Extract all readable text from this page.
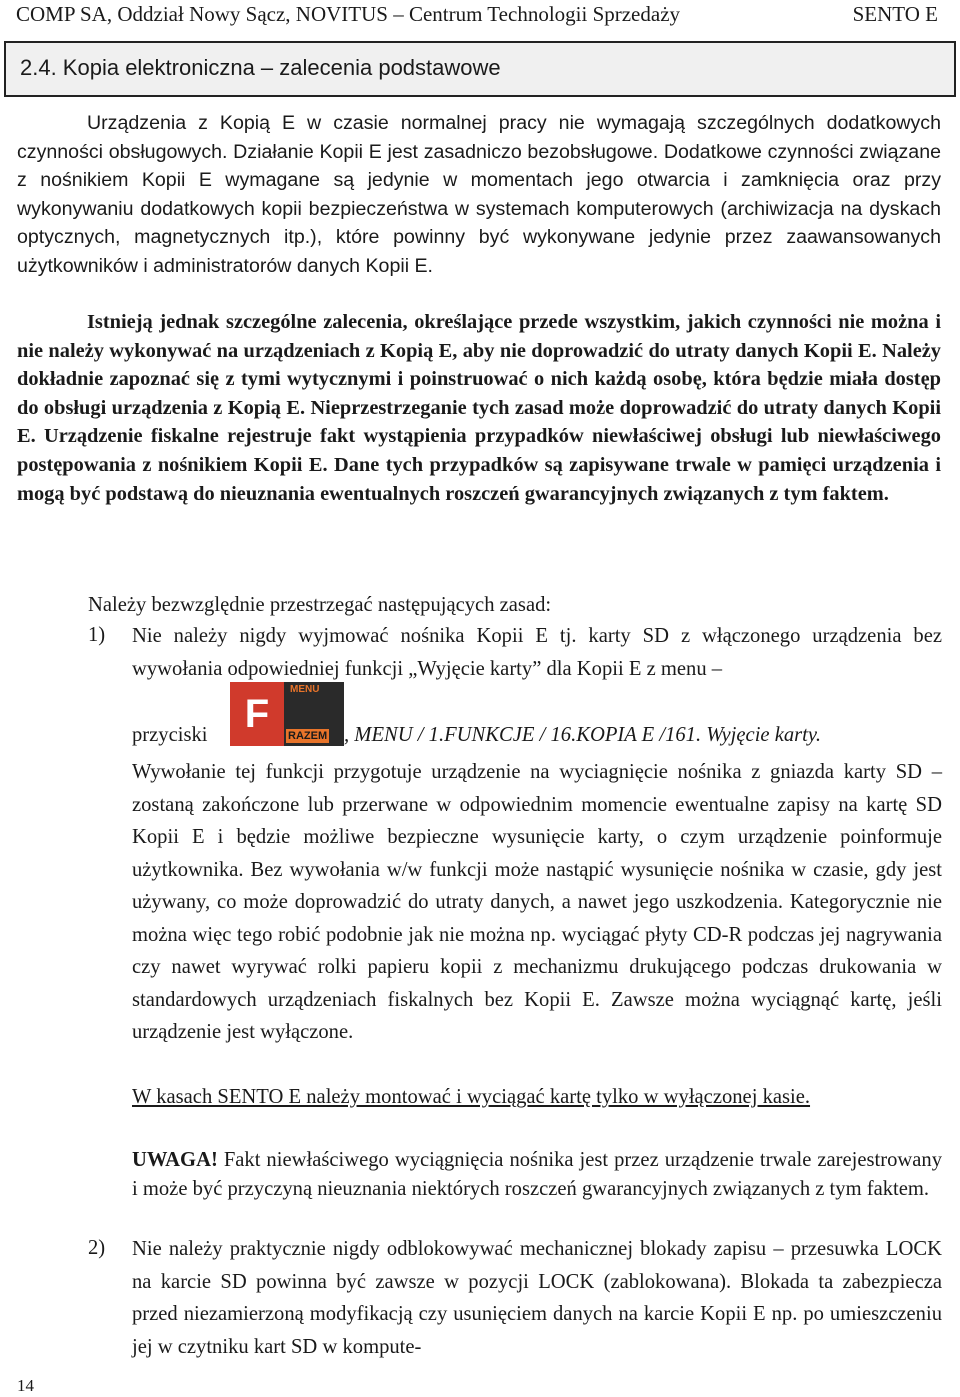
COMP SA, Oddział Nowy Sącz, NOVITUS – Centrum Technologii Sprzedaży	SENTO E
2.4. Kopia elektroniczna – zalecenia podstawowe

Urządzenia z Kopią E w czasie normalnej pracy nie wymagają szczególnych dodatkowych czynności obsługowych. Działanie Kopii E jest zasadniczo bezobsługowe. Dodatkowe czynności związane z nośnikiem Kopii E wymagane są jedynie w momentach jego otwarcia i zamknięcia oraz przy wykonywaniu dodatkowych kopii bezpieczeństwa w systemach komputerowych (archiwizacja na dyskach optycznych, magnetycznych itp.), które powinny być wykonywane jedynie przez zaawansowanych użytkowników i administratorów danych Kopii E.

Istnieją jednak szczególne zalecenia, określające przede wszystkim, jakich czynności nie można i nie należy wykonywać na urządzeniach z Kopią E, aby nie doprowadzić do utraty danych Kopii E. Należy dokładnie zapoznać się z tymi wytycznymi i poinstruować o nich każdą osobę, która będzie miała dostęp do obsługi urządzenia z Kopią E. Nieprzestrzeganie tych zasad może doprowadzić do utraty danych Kopii E. Urządzenie fiskalne rejestruje fakt wystąpienia przypadków niewłaściwej obsługi lub niewłaściwego postępowania z nośnikiem Kopii E. Dane tych przypadków są zapisywane trwale w pamięci urządzenia i mogą być podstawą do nieuznania ewentualnych roszczeń gwarancyjnych związanych z tym faktem.

Należy bezwzględnie przestrzegać następujących zasad:
1) Nie należy nigdy wyjmować nośnika Kopii E tj. karty SD z włączonego urządzenia bez wywołania odpowiedniej funkcji „Wyjęcie karty” dla Kopii E z menu –

przyciski F
MENU
RAZEM , MENU / 1.FUNKCJE / 16.KOPIA E /161. Wyjęcie karty.

Wywołanie tej funkcji przygotuje urządzenie na wyciagnięcie nośnika z gniazda karty SD – zostaną zakończone lub przerwane w odpowiednim momencie ewentualne zapisy na kartę SD Kopii E i będzie możliwe bezpieczne wysunięcie karty, o czym urządzenie poinformuje użytkownika. Bez wywołania w/w funkcji może nastąpić wysunięcie nośnika w czasie, gdy jest używany, co może doprowadzić do utraty danych, a nawet jego uszkodzenia. Kategorycznie nie można więc tego robić podobnie jak nie można np. wyciągać płyty CD-R podczas jej nagrywania czy nawet wyrywać rolki papieru kopii z mechanizmu drukującego podczas drukowania w standardowych urządzeniach fiskalnych bez Kopii E. Zawsze można wyciągnąć kartę, jeśli urządzenie jest wyłączone.

W kasach SENTO E należy montować i wyciągać kartę tylko w wyłączonej kasie.

UWAGA! Fakt niewłaściwego wyciągnięcia nośnika jest przez urządzenie trwale zarejestrowany i może być przyczyną nieuznania niektórych roszczeń gwarancyjnych związanych z tym faktem.

2) Nie należy praktycznie nigdy odblokowywać mechanicznej blokady zapisu – przesuwka LOCK na karcie SD powinna być zawsze w pozycji LOCK (zablokowana). Blokada ta zabezpiecza przed niezamierzoną modyfikacją czy usunięciem danych na karcie Kopii E np. po umieszczeniu jej w czytniku kart SD w kompute-

14
